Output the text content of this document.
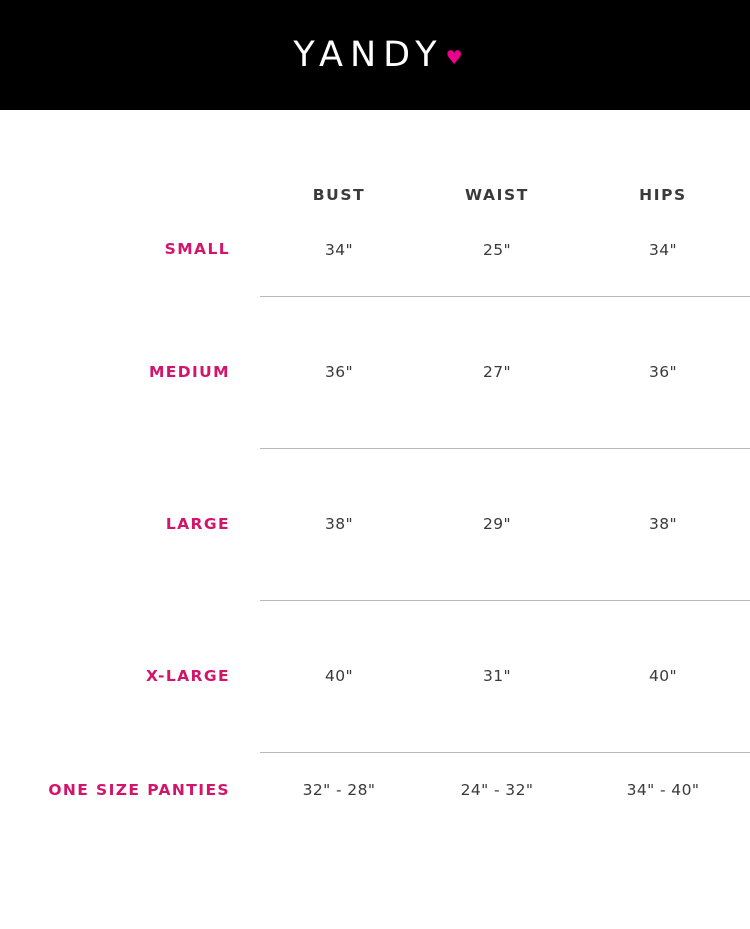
YANDY ♥
	BUST	WAIST	HIPS
SMALL	34"	25"	34"
MEDIUM	36"	27"	36"
LARGE	38"	29"	38"
X-LARGE	40"	31"	40"
ONE SIZE PANTIES	32" - 28"	24" - 32"	34" - 40"
